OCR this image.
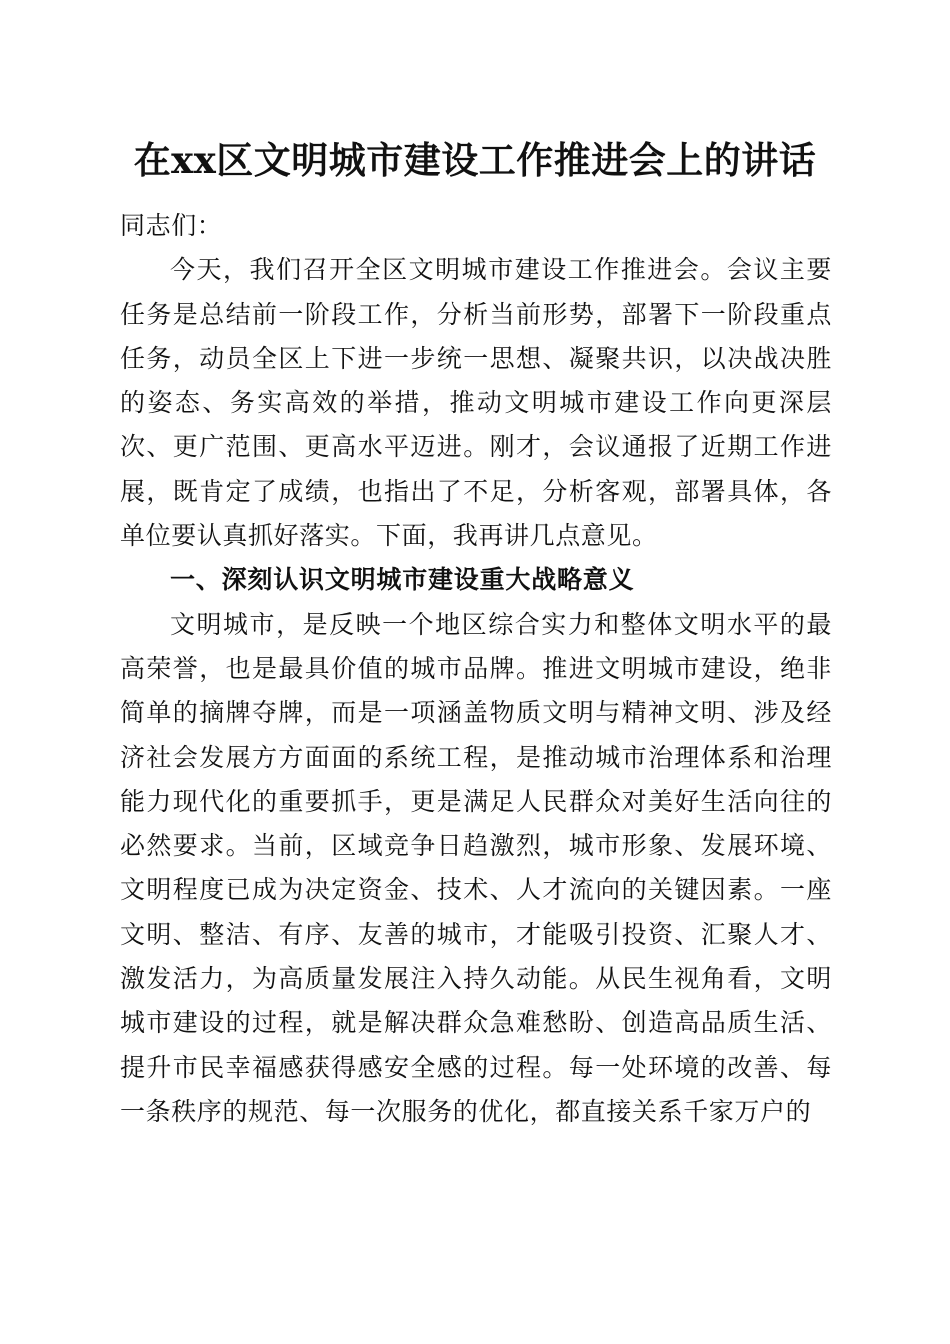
在xx区文明城市建设工作推进会上的讲话

同志们：

今天，我们召开全区文明城市建设工作推进会。会议主要任务是总结前一阶段工作，分析当前形势，部署下一阶段重点任务，动员全区上下进一步统一思想、凝聚共识，以决战决胜的姿态、务实高效的举措，推动文明城市建设工作向更深层次、更广范围、更高水平迈进。刚才，会议通报了近期工作进展，既肯定了成绩，也指出了不足，分析客观，部署具体，各单位要认真抓好落实。下面，我再讲几点意见。

一、深刻认识文明城市建设重大战略意义

文明城市，是反映一个地区综合实力和整体文明水平的最高荣誉，也是最具价值的城市品牌。推进文明城市建设，绝非简单的摘牌夺牌，而是一项涵盖物质文明与精神文明、涉及经济社会发展方方面面的系统工程，是推动城市治理体系和治理能力现代化的重要抓手，更是满足人民群众对美好生活向往的必然要求。当前，区域竞争日趋激烈，城市形象、发展环境、文明程度已成为决定资金、技术、人才流向的关键因素。一座文明、整洁、有序、友善的城市，才能吸引投资、汇聚人才、激发活力，为高质量发展注入持久动能。从民生视角看，文明城市建设的过程，就是解决群众急难愁盼、创造高品质生活、提升市民幸福感获得感安全感的过程。每一处环境的改善、每一条秩序的规范、每一次服务的优化，都直接关系千家万户的
